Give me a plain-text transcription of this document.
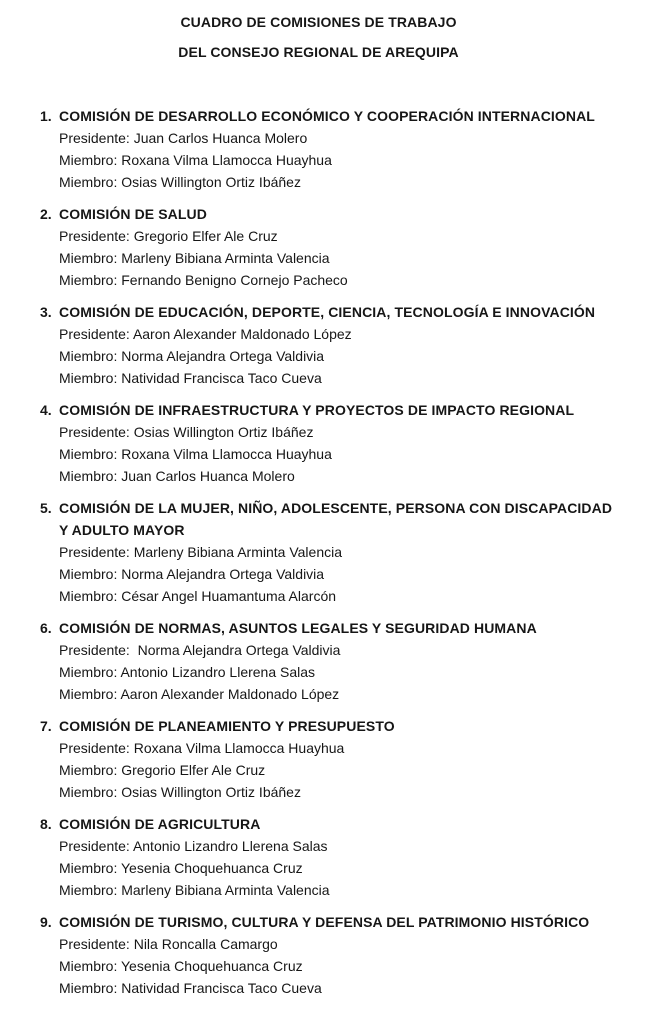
CUADRO DE COMISIONES DE TRABAJO

DEL CONSEJO REGIONAL DE AREQUIPA

1. COMISIÓN DE DESARROLLO ECONÓMICO Y COOPERACIÓN INTERNACIONAL
Presidente: Juan Carlos Huanca Molero
Miembro: Roxana Vilma Llamocca Huayhua
Miembro: Osias Willington Ortiz Ibáñez
2. COMISIÓN DE SALUD
Presidente: Gregorio Elfer Ale Cruz
Miembro: Marleny Bibiana Arminta Valencia
Miembro: Fernando Benigno Cornejo Pacheco
3. COMISIÓN DE EDUCACIÓN, DEPORTE, CIENCIA, TECNOLOGÍA E INNOVACIÓN
Presidente: Aaron Alexander Maldonado López
Miembro: Norma Alejandra Ortega Valdivia
Miembro: Natividad Francisca Taco Cueva
4. COMISIÓN DE INFRAESTRUCTURA Y PROYECTOS DE IMPACTO REGIONAL
Presidente: Osias Willington Ortiz Ibáñez
Miembro: Roxana Vilma Llamocca Huayhua
Miembro: Juan Carlos Huanca Molero
5. COMISIÓN DE LA MUJER, NIÑO, ADOLESCENTE, PERSONA CON DISCAPACIDAD Y ADULTO MAYOR
Presidente: Marleny Bibiana Arminta Valencia
Miembro: Norma Alejandra Ortega Valdivia
Miembro: César Angel Huamantuma Alarcón
6. COMISIÓN DE NORMAS, ASUNTOS LEGALES Y SEGURIDAD HUMANA
Presidente:  Norma Alejandra Ortega Valdivia
Miembro: Antonio Lizandro Llerena Salas
Miembro: Aaron Alexander Maldonado López
7. COMISIÓN DE PLANEAMIENTO Y PRESUPUESTO
Presidente: Roxana Vilma Llamocca Huayhua
Miembro: Gregorio Elfer Ale Cruz
Miembro: Osias Willington Ortiz Ibáñez
8. COMISIÓN DE AGRICULTURA
Presidente: Antonio Lizandro Llerena Salas
Miembro: Yesenia Choquehuanca Cruz
Miembro: Marleny Bibiana Arminta Valencia
9. COMISIÓN DE TURISMO, CULTURA Y DEFENSA DEL PATRIMONIO HISTÓRICO
Presidente: Nila Roncalla Camargo
Miembro: Yesenia Choquehuanca Cruz
Miembro: Natividad Francisca Taco Cueva
